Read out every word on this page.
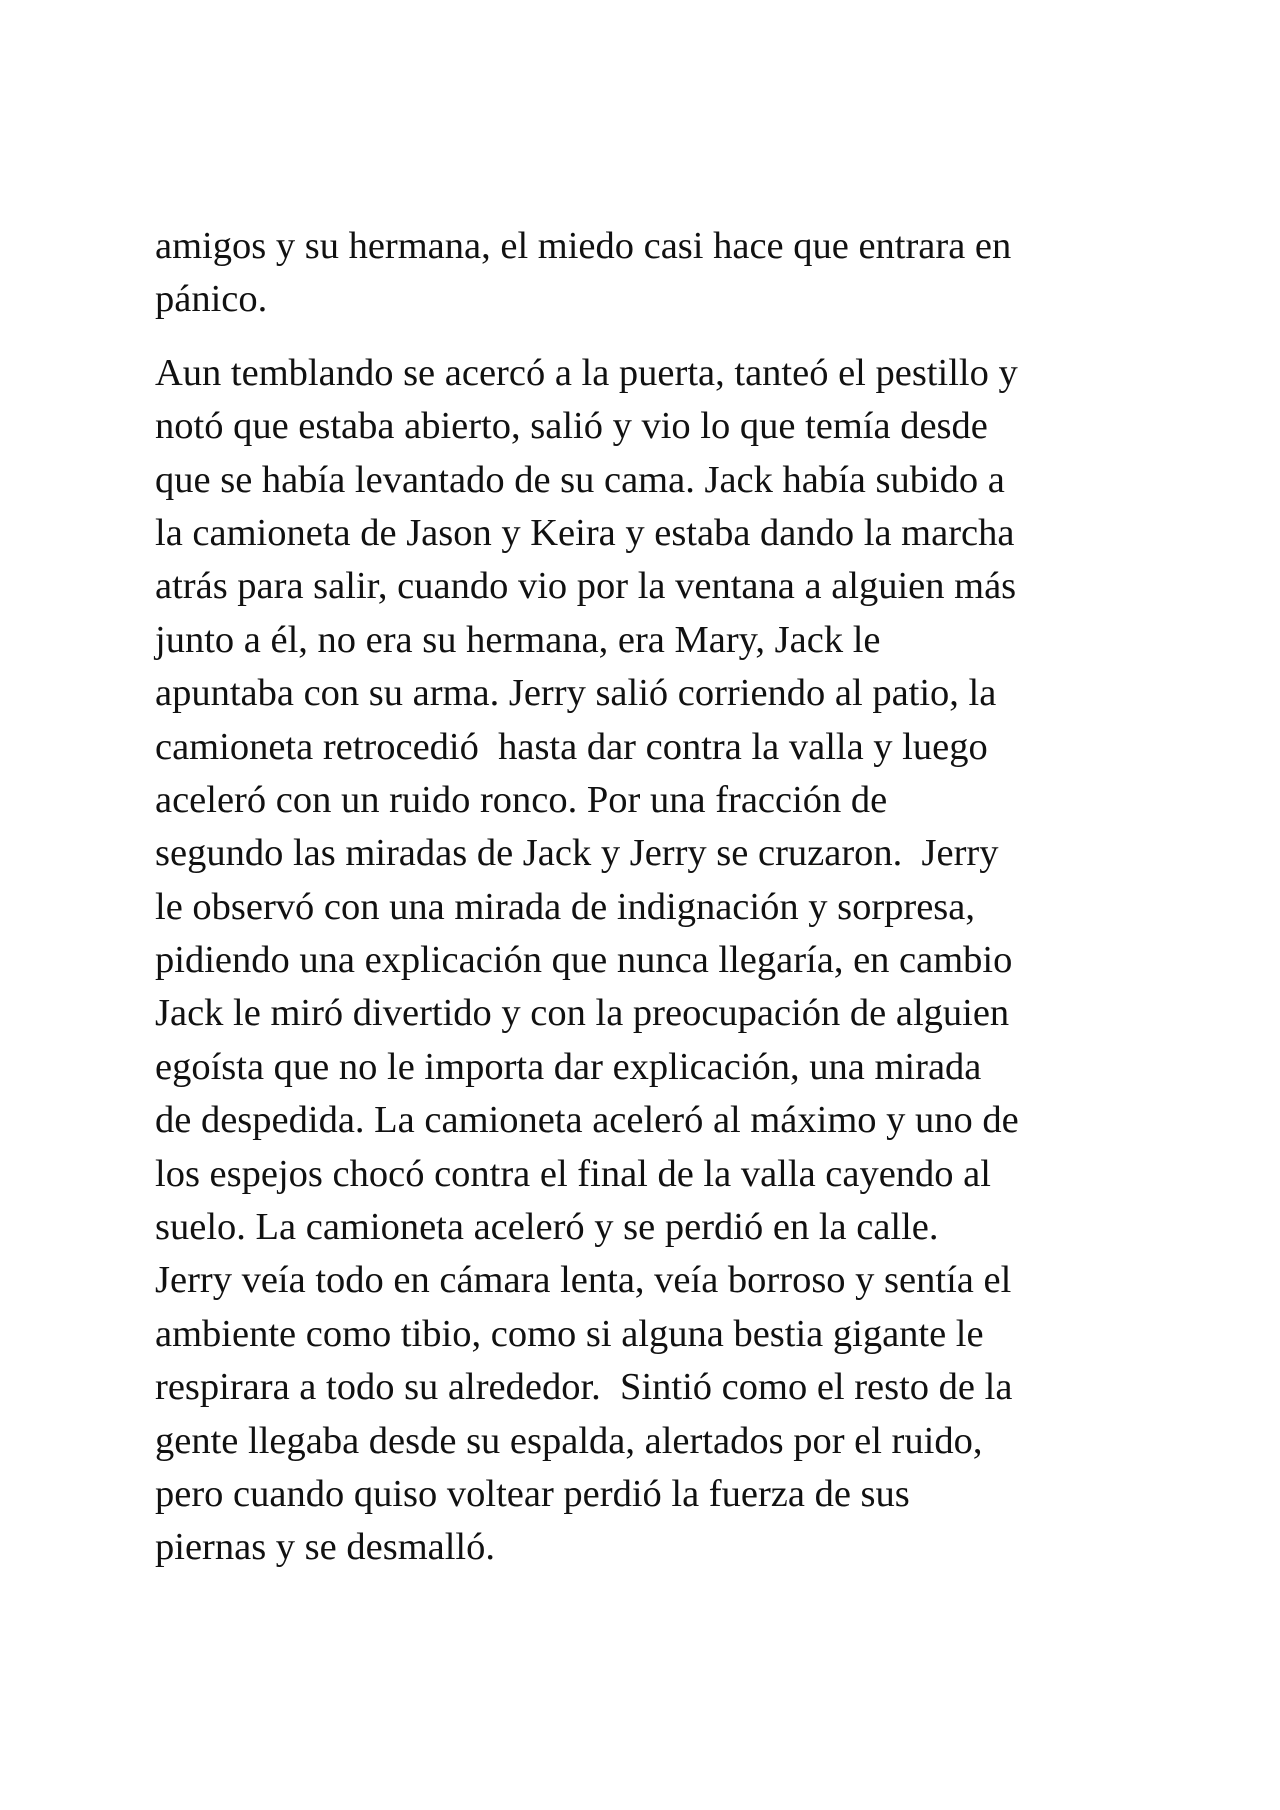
amigos y su hermana, el miedo casi hace que entrara en
pánico.

Aun temblando se acercó a la puerta, tanteó el pestillo y
notó que estaba abierto, salió y vio lo que temía desde
que se había levantado de su cama. Jack había subido a
la camioneta de Jason y Keira y estaba dando la marcha
atrás para salir, cuando vio por la ventana a alguien más
junto a él, no era su hermana, era Mary, Jack le
apuntaba con su arma. Jerry salió corriendo al patio, la
camioneta retrocedió  hasta dar contra la valla y luego
aceleró con un ruido ronco. Por una fracción de
segundo las miradas de Jack y Jerry se cruzaron.  Jerry
le observó con una mirada de indignación y sorpresa,
pidiendo una explicación que nunca llegaría, en cambio
Jack le miró divertido y con la preocupación de alguien
egoísta que no le importa dar explicación, una mirada
de despedida. La camioneta aceleró al máximo y uno de
los espejos chocó contra el final de la valla cayendo al
suelo. La camioneta aceleró y se perdió en la calle.
Jerry veía todo en cámara lenta, veía borroso y sentía el
ambiente como tibio, como si alguna bestia gigante le
respirara a todo su alrededor.  Sintió como el resto de la
gente llegaba desde su espalda, alertados por el ruido,
pero cuando quiso voltear perdió la fuerza de sus
piernas y se desmalló.
